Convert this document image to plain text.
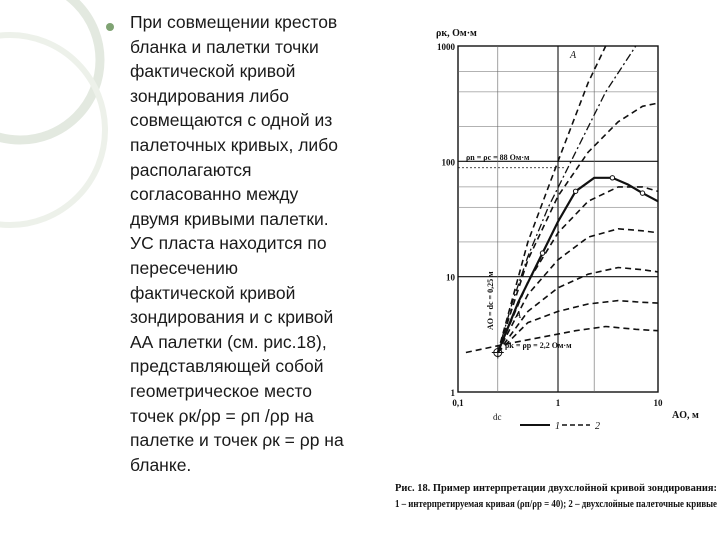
При совмещении крестов
бланка и палетки точки
фактической кривой
зондирования либо
совмещаются с одной из
палеточных кривых, либо
располагаются
согласованно между
двумя кривыми палетки.
УС пласта находится по
пересечению
фактической кривой
зондирования и с кривой
АА палетки (см. рис.18),
представляющей собой
геометрическое место
точек ρк/ρр = ρп /ρр на
палетке и точек ρк = ρр на
бланке.
1000
100
10
1
0,1	1	10
ρк, Ом·м
AO, м
dc
ρn = ρc = 88 Ом·м
ρк = ρр = 2,2 Ом·м
AO = dc = 0,25 м
A
A
1	2
Рис. 18. Пример интерпретации двухслойной кривой зондирования:
1 – интерпретируемая кривая (ρп/ρр = 40); 2 – двухслойные палеточные кривые
